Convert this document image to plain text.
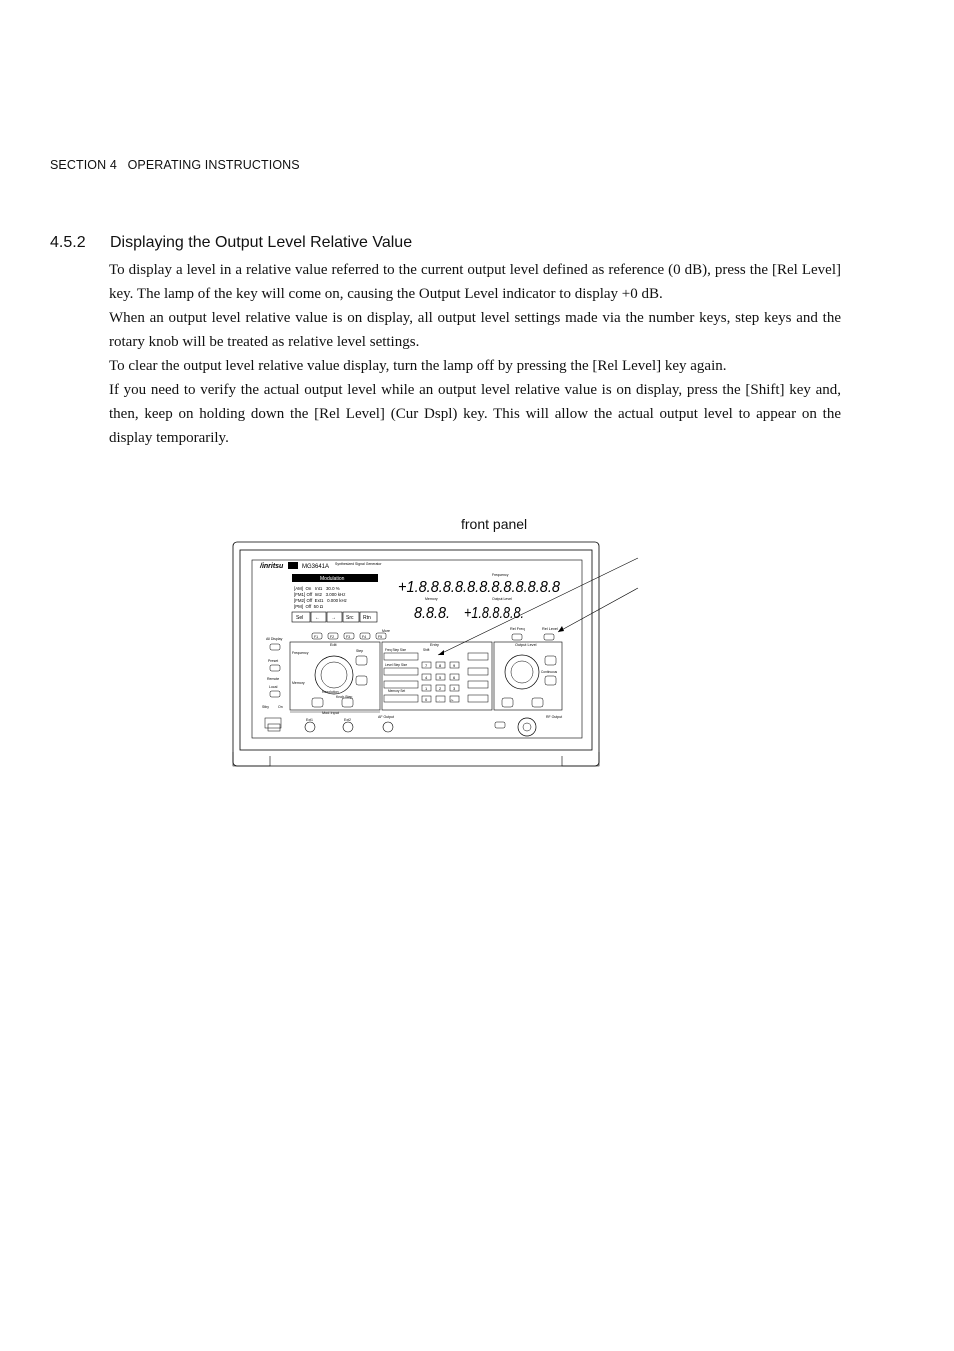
SECTION 4   OPERATING INSTRUCTIONS
4.5.2 Displaying the Output Level Relative Value

To display a level in a relative value referred to the current output level defined as reference (0 dB), press the [Rel Level] key. The lamp of the key will come on, causing the Output Level indicator to display +0 dB.

When an output level relative value is on display, all output level settings made via the number keys, step keys and the rotary knob will be treated as relative level settings.

To clear the output level relative value display, turn the lamp off by pressing the [Rel Level] key again.

If you need to verify the actual output level while an output level relative value is on display, press the [Shift] key and, then, keep on holding down the [Rel Level] (Cur Dspl) key. This will allow the actual output level to appear on the display temporarily.

front panel
/inritsu	MG3641A Synthesized Signal Generator
Modulation
[AM]  On   Int1   30.0 %
[FM1] Off  Int2   3.000 kHz
[FM2] Off  Ext1   0.000 kHz
[PM]  Off  50 Ω
Sel ← → Src Rtn
F1	F2	F3	F4	F5
Frequency
+1.8.8.8.8.8.8.8.8.8.8.8.8
Memory	Output Level
8.8.8. +1.8.8.8.8.
Rel Freq	Rel Level
More
All Display
Preset
Remote
Local
Stby	On
Edit
Frequency
Memory
Step
Resolution
Knob Step
Entry
Freq Step Size
Level Step Size
Memory Set
Shift
7	8	9
4	5	6
1	2	3
0	.	-/+
Output Level
Continuous
Mod Input
Ext1	Ext2
AF Output	RF Output
